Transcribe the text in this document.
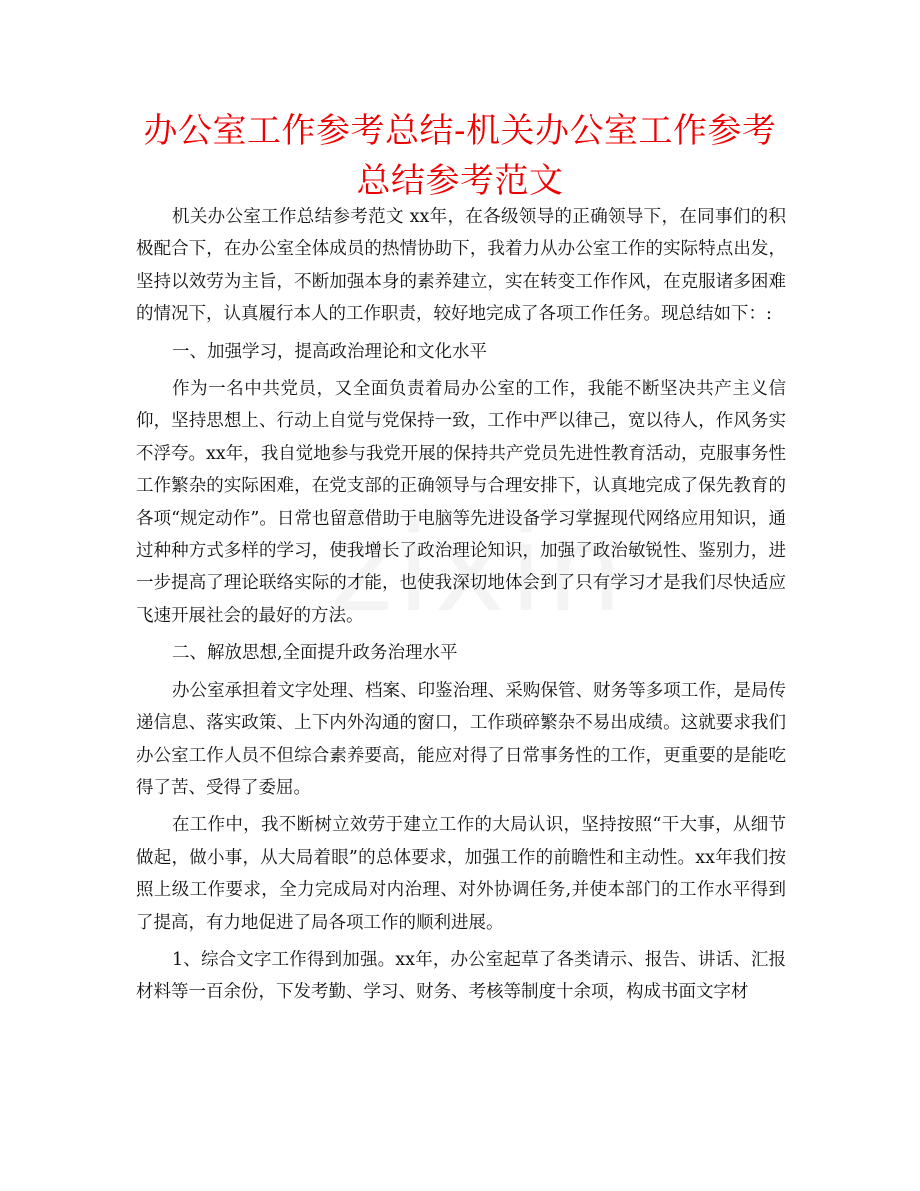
办公室工作参考总结-机关办公室工作参考总结参考范文

机关办公室工作总结参考范文 xx年，在各级领导的正确领导下，在同事们的积极配合下，在办公室全体成员的热情协助下，我着力从办公室工作的实际特点出发，坚持以效劳为主旨，不断加强本身的素养建立，实在转变工作作风，在克服诸多困难的情况下，认真履行本人的工作职责，较好地完成了各项工作任务。现总结如下：:

一、加强学习，提高政治理论和文化水平

作为一名中共党员，又全面负责着局办公室的工作，我能不断坚决共产主义信仰，坚持思想上、行动上自觉与党保持一致，工作中严以律己，宽以待人，作风务实不浮夸。xx年，我自觉地参与我党开展的保持共产党员先进性教育活动，克服事务性工作繁杂的实际困难，在党支部的正确领导与合理安排下，认真地完成了保先教育的各项“规定动作”。日常也留意借助于电脑等先进设备学习掌握现代网络应用知识，通过种种方式多样的学习，使我增长了政治理论知识，加强了政治敏锐性、鉴别力，进一步提高了理论联络实际的才能，也使我深切地体会到了只有学习才是我们尽快适应飞速开展社会的最好的方法。

二、解放思想,全面提升政务治理水平

办公室承担着文字处理、档案、印鉴治理、采购保管、财务等多项工作，是局传递信息、落实政策、上下内外沟通的窗口，工作琐碎繁杂不易出成绩。这就要求我们办公室工作人员不但综合素养要高，能应对得了日常事务性的工作，更重要的是能吃得了苦、受得了委屈。

在工作中，我不断树立效劳于建立工作的大局认识，坚持按照“干大事，从细节做起，做小事，从大局着眼”的总体要求，加强工作的前瞻性和主动性。xx年我们按照上级工作要求，全力完成局对内治理、对外协调任务,并使本部门的工作水平得到了提高，有力地促进了局各项工作的顺利进展。

1、综合文字工作得到加强。xx年，办公室起草了各类请示、报告、讲话、汇报材料等一百余份，下发考勤、学习、财务、考核等制度十余项，构成书面文字材
